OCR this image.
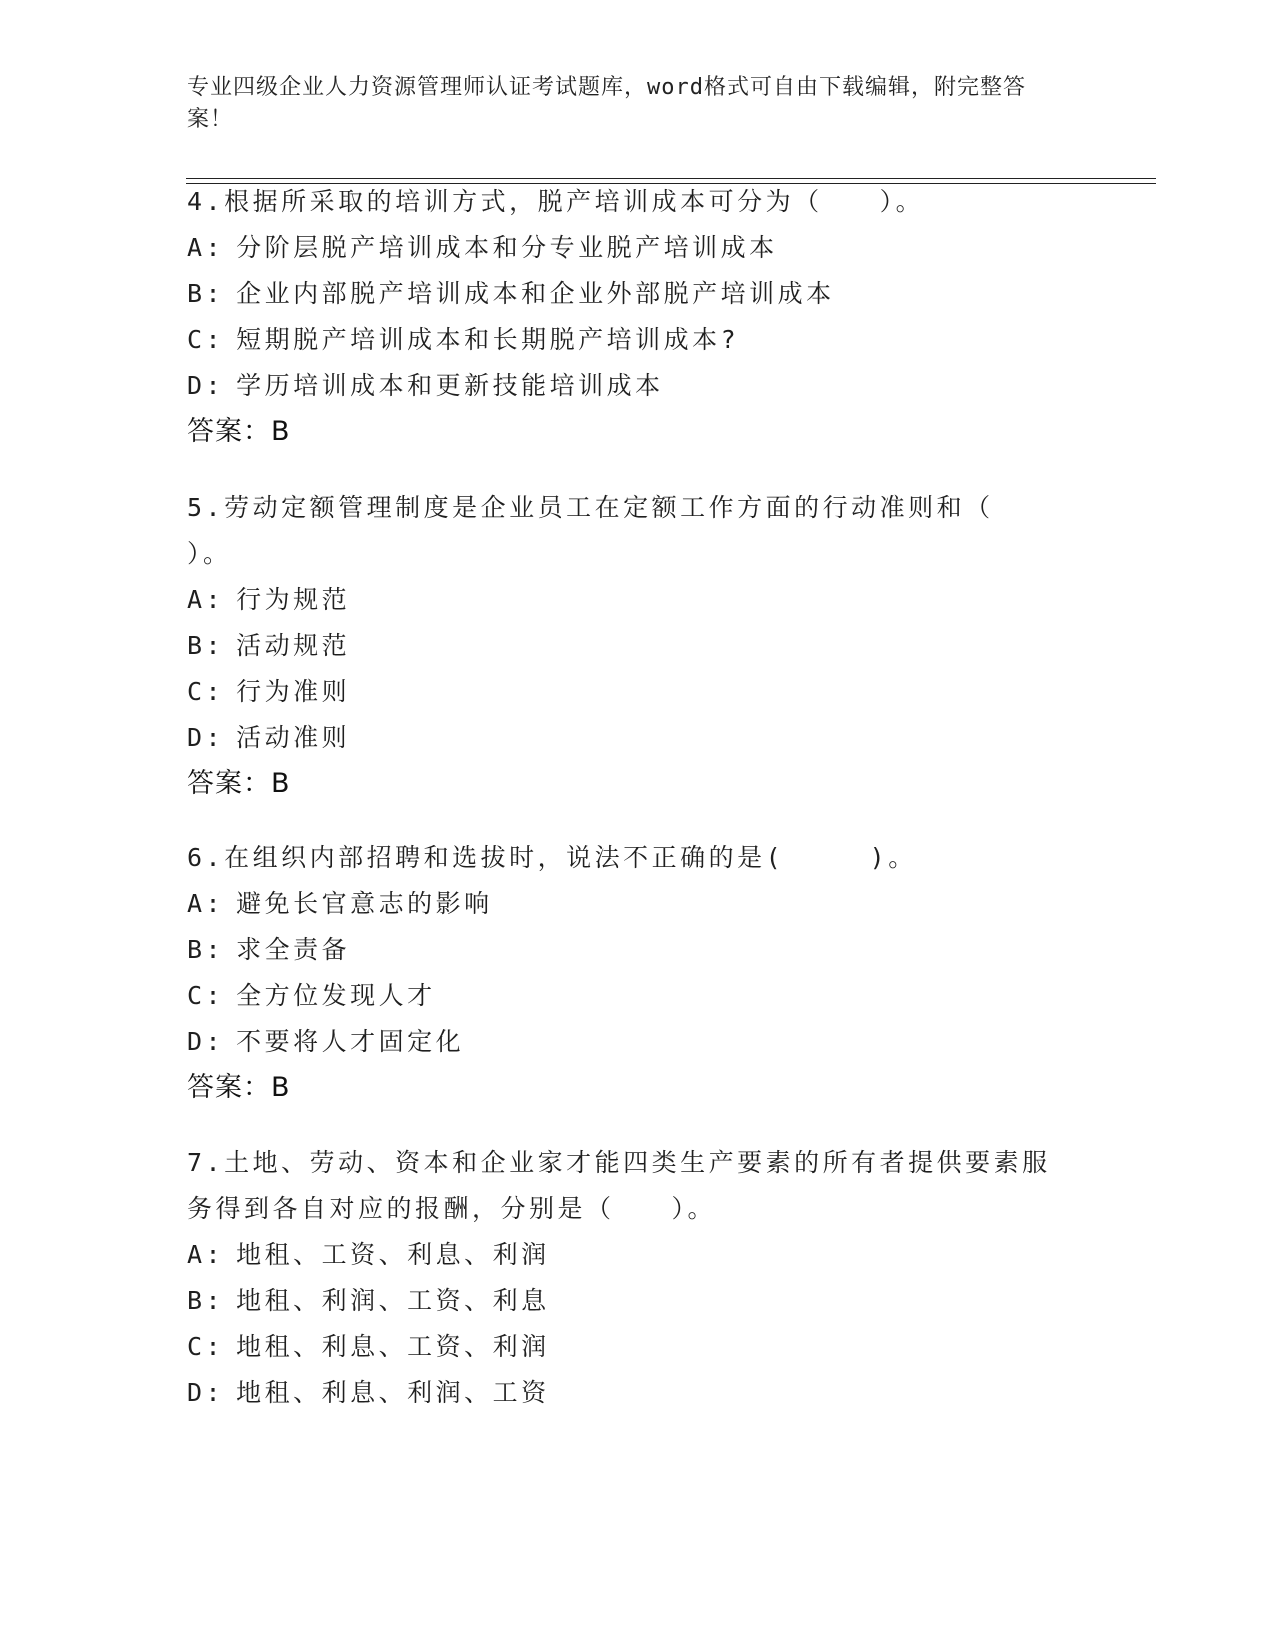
专业四级企业人力资源管理师认证考试题库，word格式可自由下载编辑，附完整答案！
4.根据所采取的培训方式，脱产培训成本可分为（　　）。
A: 分阶层脱产培训成本和分专业脱产培训成本
B: 企业内部脱产培训成本和企业外部脱产培训成本
C: 短期脱产培训成本和长期脱产培训成本?
D: 学历培训成本和更新技能培训成本
答案：B
5.劳动定额管理制度是企业员工在定额工作方面的行动准则和（
）。
A: 行为规范
B: 活动规范
C: 行为准则
D: 活动准则
答案：B
6.在组织内部招聘和选拔时，说法不正确的是(　　　)。
A: 避免长官意志的影响
B: 求全责备
C: 全方位发现人才
D: 不要将人才固定化
答案：B
7.土地、劳动、资本和企业家才能四类生产要素的所有者提供要素服
务得到各自对应的报酬，分别是（　　）。
A: 地租、工资、利息、利润
B: 地租、利润、工资、利息
C: 地租、利息、工资、利润
D: 地租、利息、利润、工资
